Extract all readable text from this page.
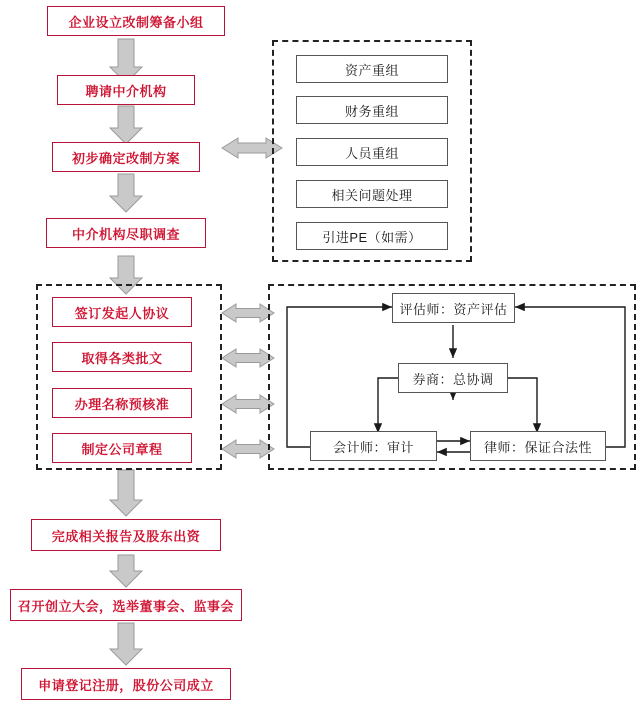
企业设立改制筹备小组
聘请中介机构
初步确定改制方案
中介机构尽职调查
签订发起人协议
取得各类批文
办理名称预核准
制定公司章程
完成相关报告及股东出资
召开创立大会，选举董事会、监事会
申请登记注册，股份公司成立
资产重组
财务重组
人员重组
相关问题处理
引进PE（如需）
评估师：资产评估
券商：总协调
会计师：审计	律师：保证合法性
